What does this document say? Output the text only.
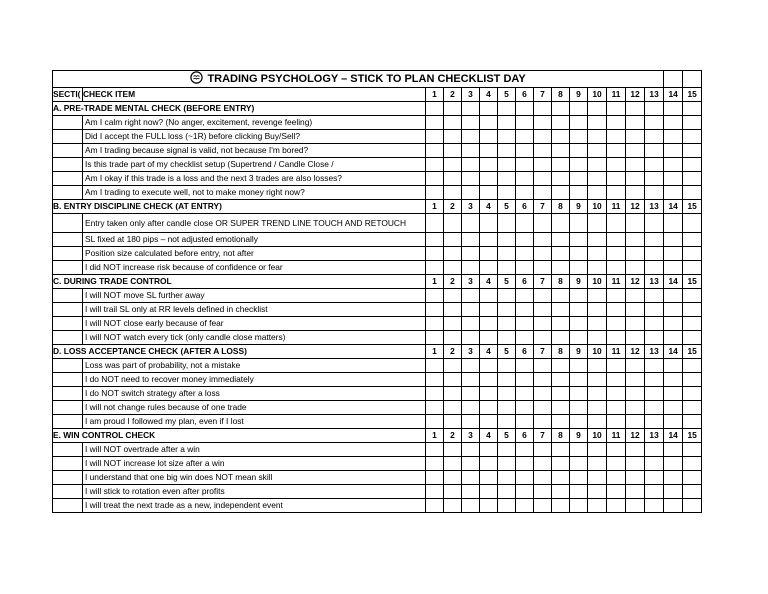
TRADING PSYCHOLOGY – STICK TO PLAN CHECKLIST DAY																
SECTI(	CHECK ITEM	1	2	3	4	5	6	7	8	9	10	11	12	13	14	15
A. PRE-TRADE MENTAL CHECK (BEFORE ENTRY)																
	Am I calm right now? (No anger, excitement, revenge feeling)															
	Did I accept the FULL loss (~1R) before clicking Buy/Sell?															
	Am I trading because signal is valid, not because I'm bored?															
	Is this trade part of my checklist setup (Supertrend / Candle Close /															
	Am I okay if this trade is a loss and the next 3 trades are also losses?															
	Am I trading to execute well, not to make money right now?															
B. ENTRY DISCIPLINE CHECK (AT ENTRY)		1	2	3	4	5	6	7	8	9	10	11	12	13	14	15
	Entry taken only after candle close OR SUPER TREND LINE TOUCH AND RETOUCH															
	SL fixed at 180 pips – not adjusted emotionally															
	Position size calculated before entry, not after															
	I did NOT increase risk because of confidence or fear															
C. DURING TRADE CONTROL		1	2	3	4	5	6	7	8	9	10	11	12	13	14	15
	I will NOT move SL further away															
	I will trail SL only at RR levels defined in checklist															
	I will NOT close early because of fear															
	I will NOT watch every tick (only candle close matters)															
D. LOSS ACCEPTANCE CHECK (AFTER A LOSS)		1	2	3	4	5	6	7	8	9	10	11	12	13	14	15
	Loss was part of probability, not a mistake															
	I do NOT need to recover money immediately															
	I do NOT switch strategy after a loss															
	I will not change rules because of one trade															
	I am proud I followed my plan, even if I lost															
E. WIN CONTROL CHECK		1	2	3	4	5	6	7	8	9	10	11	12	13	14	15
	I will NOT overtrade after a win															
	I will NOT increase lot size after a win															
	I understand that one big win does NOT mean skill															
	I will stick to rotation even after profits															
	I will treat the next trade as a new, independent event															
